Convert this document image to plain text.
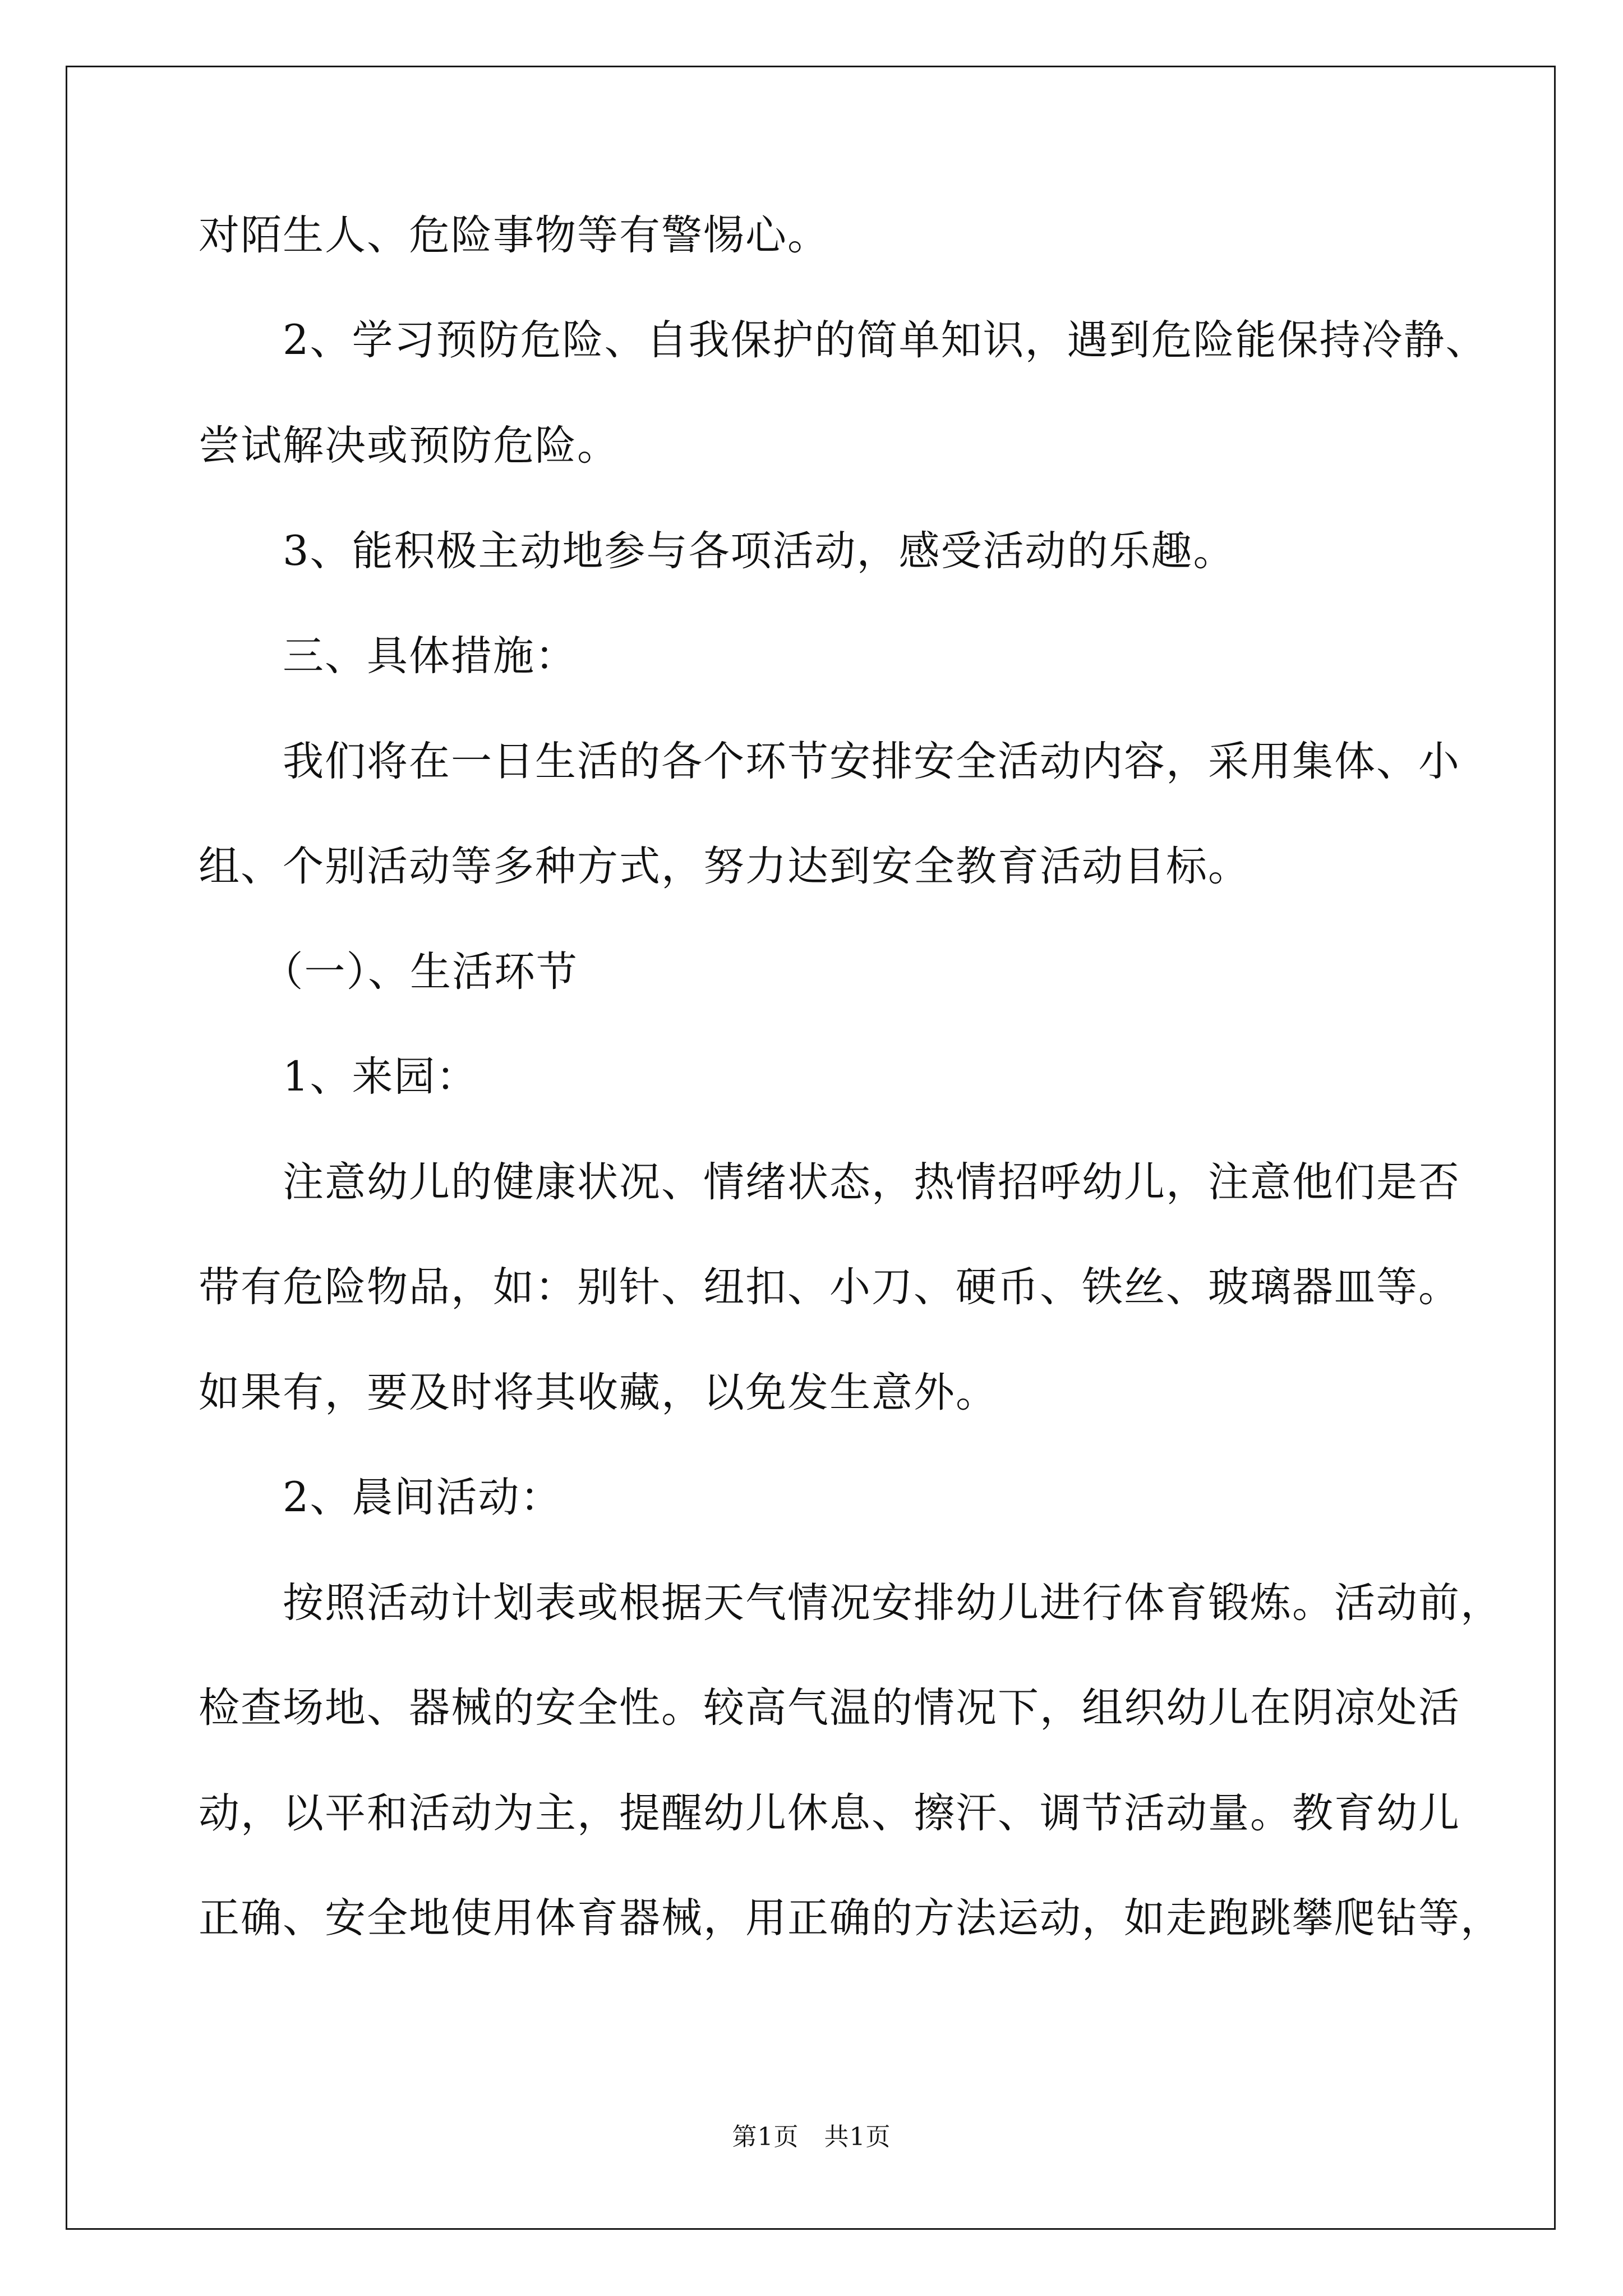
对陌生人、危险事物等有警惕心。
　　2、学习预防危险、自我保护的简单知识，遇到危险能保持冷静、
尝试解决或预防危险。
　　3、能积极主动地参与各项活动，感受活动的乐趣。
　　三、具体措施：
　　我们将在一日生活的各个环节安排安全活动内容，采用集体、小
组、个别活动等多种方式，努力达到安全教育活动目标。
　　（一）、生活环节
　　1、来园：
　　注意幼儿的健康状况、情绪状态，热情招呼幼儿，注意他们是否
带有危险物品，如：别针、纽扣、小刀、硬币、铁丝、玻璃器皿等。
如果有，要及时将其收藏，以免发生意外。
　　2、晨间活动：
　　按照活动计划表或根据天气情况安排幼儿进行体育锻炼。活动前，
检查场地、器械的安全性。较高气温的情况下，组织幼儿在阴凉处活
动，以平和活动为主，提醒幼儿休息、擦汗、调节活动量。教育幼儿
正确、安全地使用体育器械，用正确的方法运动，如走跑跳攀爬钻等，
第1页　共1页
